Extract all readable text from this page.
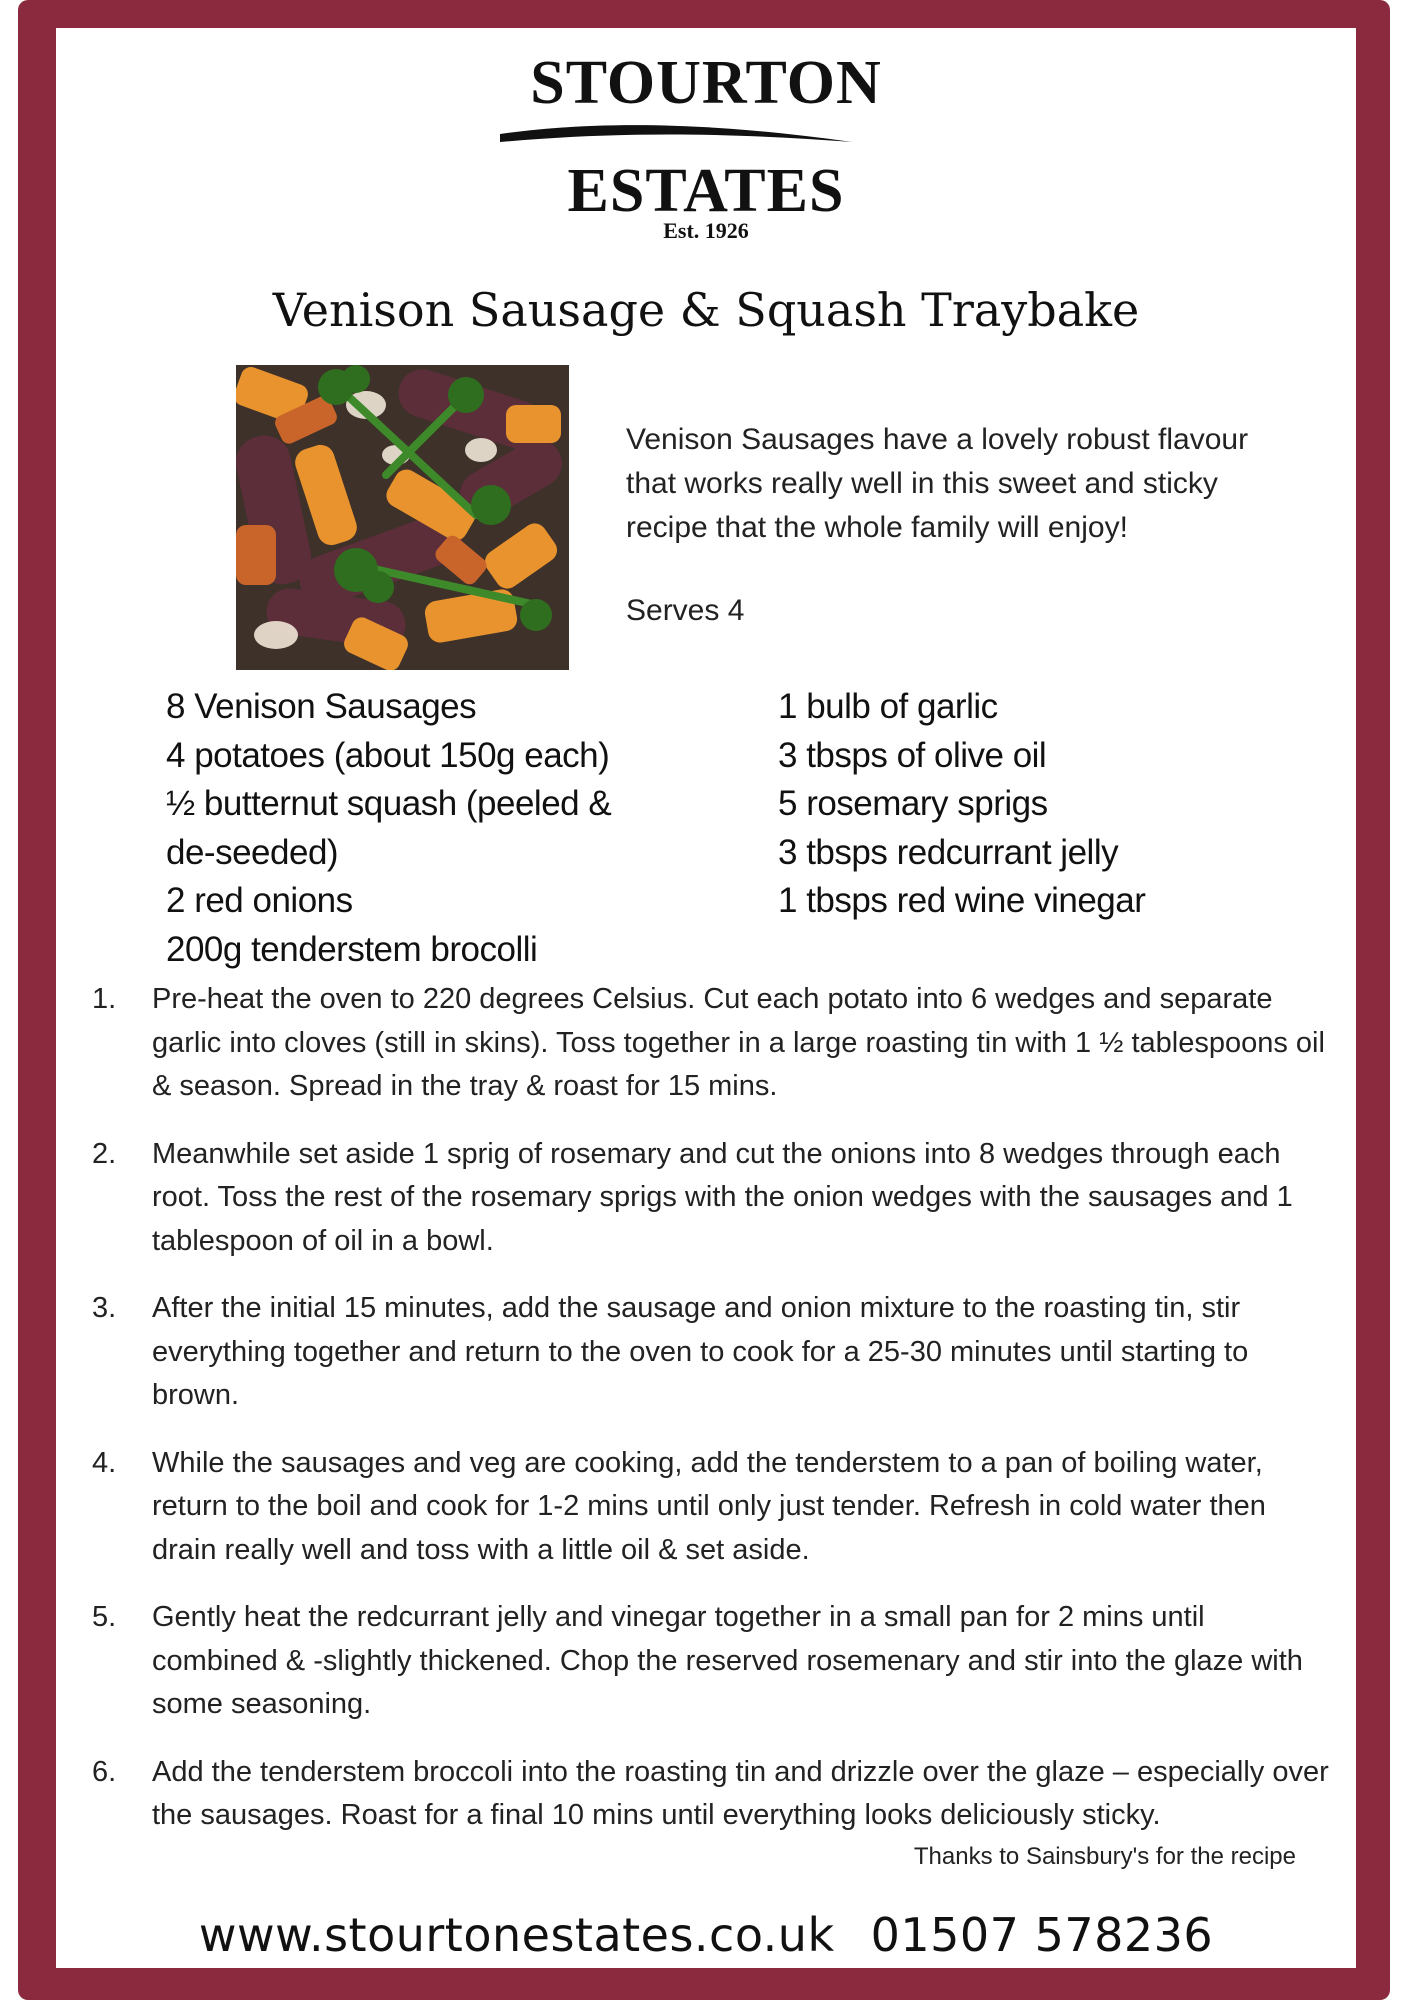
STOURTON
ESTATES
Est. 1926
Venison Sausage & Squash Traybake
Venison Sausages have a lovely robust flavour that works really well in this sweet and sticky recipe that the whole family will enjoy!
Serves 4
8 Venison Sausages
4 potatoes (about 150g each)
½ butternut squash (peeled & de-seeded)
2 red onions
200g tenderstem brocolli
1 bulb of garlic
3 tbsps of olive oil
5 rosemary sprigs
3 tbsps redcurrant jelly
1 tbsps red wine vinegar
1. Pre-heat the oven to 220 degrees Celsius. Cut each potato into 6 wedges and separate garlic into cloves (still in skins). Toss together in a large roasting tin with 1 ½ tablespoons oil & season. Spread in the tray & roast for 15 mins.
2. Meanwhile set aside 1 sprig of rosemary and cut the onions into 8 wedges through each root. Toss the rest of the rosemary sprigs with the onion wedges with the sausages and 1 tablespoon of oil in a bowl.
3. After the initial 15 minutes, add the sausage and onion mixture to the roasting tin, stir everything together and return to the oven to cook for a 25-30 minutes until starting to brown.
4. While the sausages and veg are cooking, add the tenderstem to a pan of boiling water, return to the boil and cook for 1-2 mins until only just tender. Refresh in cold water then drain really well and toss with a little oil & set aside.
5. Gently heat the redcurrant jelly and vinegar together in a small pan for 2 mins until combined & -slightly thickened. Chop the reserved rosemenary and stir into the glaze with some seasoning.
6. Add the tenderstem broccoli into the roasting tin and drizzle over the glaze – especially over the sausages. Roast for a final 10 mins until everything looks deliciously sticky.
Thanks to Sainsbury's for the recipe
www.stourtonestates.co.uk 01507 578236
